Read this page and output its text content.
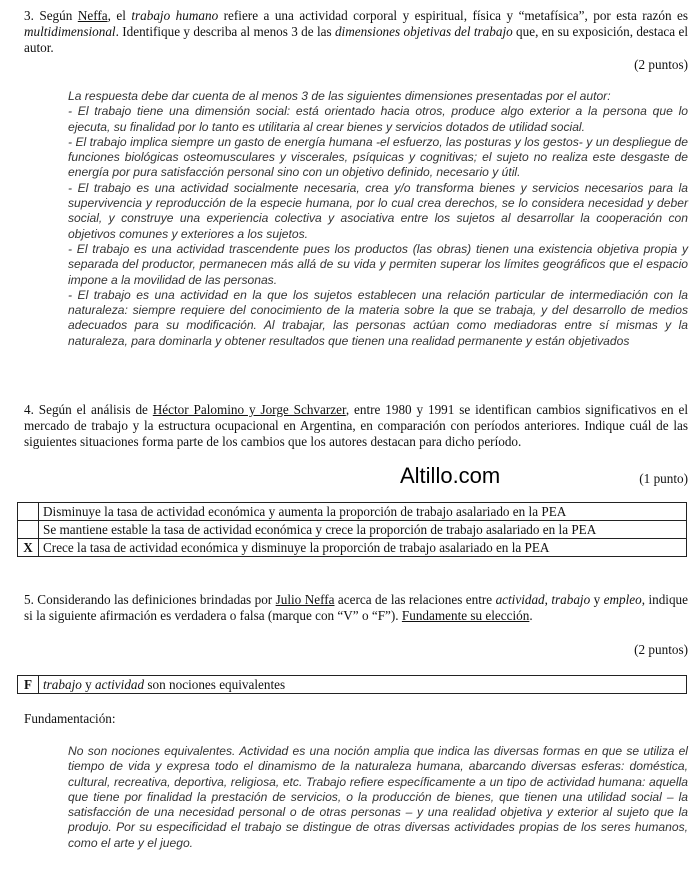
3. Según Neffa, el trabajo humano refiere a una actividad corporal y espiritual, física y “metafísica”, por esta razón es multidimensional. Identifique y describa al menos 3 de las dimensiones objetivas del trabajo que, en su exposición, destaca el autor.
(2 puntos)

La respuesta debe dar cuenta de al menos 3 de las siguientes dimensiones presentadas por el autor:

- El trabajo tiene una dimensión social: está orientado hacia otros, produce algo exterior a la persona que lo ejecuta, su finalidad por lo tanto es utilitaria al crear bienes y servicios dotados de utilidad social.

- El trabajo implica siempre un gasto de energía humana -el esfuerzo, las posturas y los gestos- y un despliegue de funciones biológicas osteomusculares y viscerales, psíquicas y cognitivas; el sujeto no realiza este desgaste de energía por pura satisfacción personal sino con un objetivo definido, necesario y útil.

- El trabajo es una actividad socialmente necesaria, crea y/o transforma bienes y servicios necesarios para la supervivencia y reproducción de la especie humana, por lo cual crea derechos, se lo considera necesidad y deber social, y construye una experiencia colectiva y asociativa entre los sujetos al desarrollar la cooperación con objetivos comunes y exteriores a los sujetos.

- El trabajo es una actividad trascendente pues los productos (las obras) tienen una existencia objetiva propia y separada del productor, permanecen más allá de su vida y permiten superar los límites geográficos que el espacio impone a la movilidad de las personas.

- El trabajo es una actividad en la que los sujetos establecen una relación particular de intermediación con la naturaleza: siempre requiere del conocimiento de la materia sobre la que se trabaja, y del desarrollo de medios adecuados para su modificación. Al trabajar, las personas actúan como mediadoras entre sí mismas y la naturaleza, para dominarla y obtener resultados que tienen una realidad permanente y están objetivados

4. Según el análisis de Héctor Palomino y Jorge Schvarzer, entre 1980 y 1991 se identifican cambios significativos en el mercado de trabajo y la estructura ocupacional en Argentina, en comparación con períodos anteriores. Indique cuál de las siguientes situaciones forma parte de los cambios que los autores destacan para dicho período.
Altillo.com	(1 punto)
	Disminuye la tasa de actividad económica y aumenta la proporción de trabajo asalariado en la PEA
	Se mantiene estable la tasa de actividad económica y crece la proporción de trabajo asalariado en la PEA
X	Crece la tasa de actividad económica y disminuye la proporción de trabajo asalariado en la PEA
5. Considerando las definiciones brindadas por Julio Neffa acerca de las relaciones entre actividad, trabajo y empleo, indique si la siguiente afirmación es verdadera o falsa (marque con “V” o “F”). Fundamente su elección.
(2 puntos)
F	trabajo y actividad son nociones equivalentes
Fundamentación:
No son nociones equivalentes. Actividad es una noción amplia que indica las diversas formas en que se utiliza el tiempo de vida y expresa todo el dinamismo de la naturaleza humana, abarcando diversas esferas: doméstica, cultural, recreativa, deportiva, religiosa, etc. Trabajo refiere específicamente a un tipo de actividad humana: aquella que tiene por finalidad la prestación de servicios, o la producción de bienes, que tienen una utilidad social – la satisfacción de una necesidad personal o de otras personas – y una realidad objetiva y exterior al sujeto que la produjo. Por su especificidad el trabajo se distingue de otras diversas actividades propias de los seres humanos, como el arte y el juego.
